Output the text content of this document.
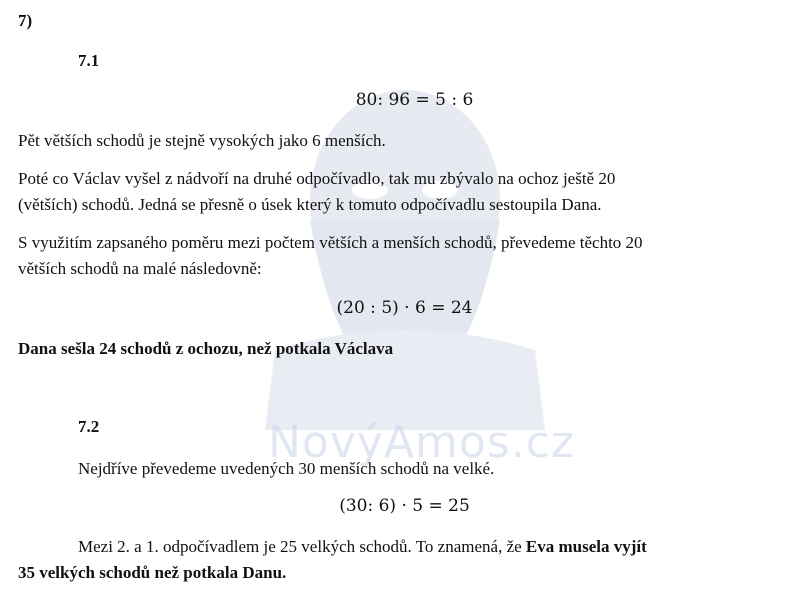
NovýAmos.cz
7)
7.1
80: 96 = 5 : 6
Pět větších schodů je stejně vysokých jako 6 menších.
Poté co Václav vyšel z nádvoří na druhé odpočívadlo, tak mu zbývalo na ochoz ještě 20
(větších) schodů. Jedná se přesně o úsek který k tomuto odpočívadlu sestoupila Dana.
S využitím zapsaného poměru mezi počtem větších a menších schodů, převedeme těchto 20
větších schodů na malé následovně:
(20 : 5) · 6 = 24
Dana sešla 24 schodů z ochozu, než potkala Václava
7.2
Nejdříve převedeme uvedených 30 menších schodů na velké.
(30: 6) · 5 = 25
Mezi 2. a 1. odpočívadlem je 25 velkých schodů. To znamená, že Eva musela vyjít
35 velkých schodů než potkala Danu.
